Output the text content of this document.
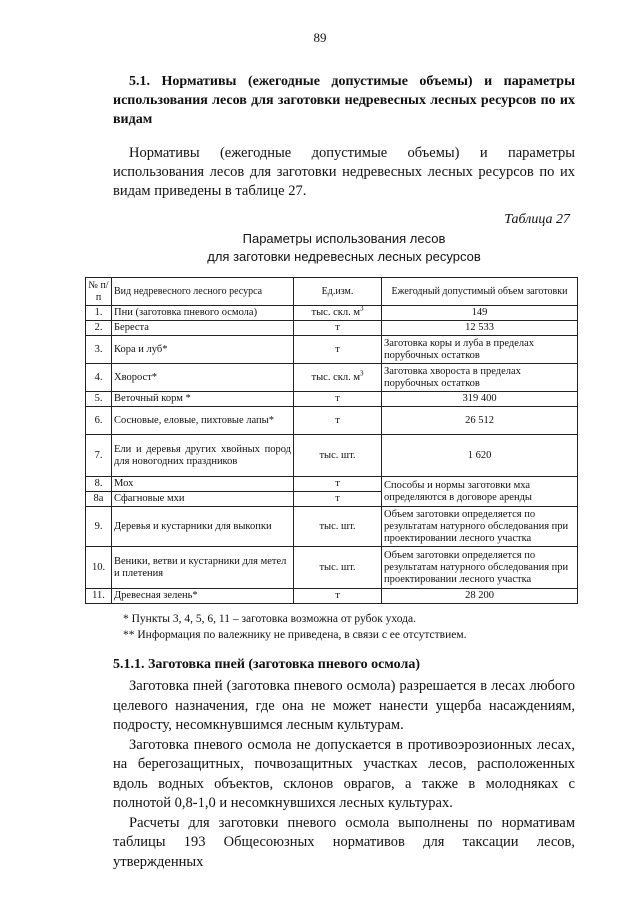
89
5.1. Нормативы (ежегодные допустимые объемы) и параметры использования лесов для заготовки недревесных лесных ресурсов по их видам
Нормативы (ежегодные допустимые объемы) и параметры использования лесов для заготовки недревесных лесных ресурсов по их видам приведены в таблице 27.
Таблица 27
Параметры использования лесов
для заготовки недревесных лесных ресурсов
№ п/п	Вид недревесного лесного ресурса	Ед.изм.	Ежегодный допустимый объем заготовки
1.	Пни (заготовка пневого осмола)	тыс. скл. $м^3$	149
2.	Береста	т	12 533
3.	Кора и луб*	т	Заготовка коры и луба в пределах порубочных остатков
4.	Хворост*	тыс. скл. $м^3$	Заготовка хвороста в пределах порубочных остатков
5.	Веточный корм *	т	319 400
6.	Сосновые, еловые, пихтовые лапы*	т	26 512
7.	Ели и деревья других хвойных пород для новогодних праздников	тыс. шт.	1 620
8.	Мох	т	Способы и нормы заготовки мха определяются в договоре аренды
8а	Сфагновые мхи	т	
9.	Деревья и кустарники для выкопки	тыс. шт.	Объем заготовки определяется по результатам натурного обследования при проектировании лесного участка
10.	Веники, ветви и кустарники для метел и плетения	тыс. шт.	Объем заготовки определяется по результатам натурного обследования при проектировании лесного участка
11.	Древесная зелень*	т	28 200
* Пункты 3, 4, 5, 6, 11 – заготовка возможна от рубок ухода.
** Информация по валежнику не приведена, в связи с ее отсутствием.
5.1.1. Заготовка пней (заготовка пневого осмола)

Заготовка пней (заготовка пневого осмола) разрешается в лесах любого целевого назначения, где она не может нанести ущерба насаждениям, подросту, несомкнувшимся лесным культурам.

Заготовка пневого осмола не допускается в противоэрозионных лесах, на берегозащитных, почвозащитных участках лесов, расположенных вдоль водных объектов, склонов оврагов, а также в молодняках с полнотой 0,8-1,0 и несомкнувшихся лесных культурах.

Расчеты для заготовки пневого осмола выполнены по нормативам таблицы 193 Общесоюзных нормативов для таксации лесов, утвержденных
